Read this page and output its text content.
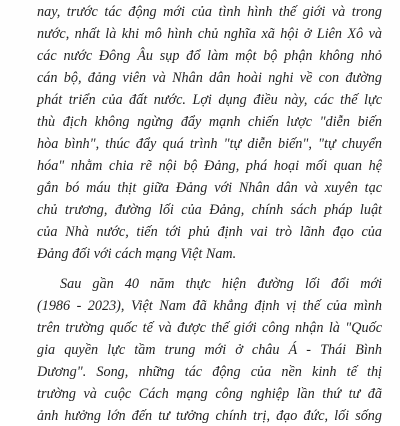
nay, trước tác động mới của tình hình thế giới và trong
nước, nhất là khi mô hình chủ nghĩa xã hội ở Liên Xô và
các nước Đông Âu sụp đổ làm một bộ phận không nhỏ
cán bộ, đảng viên và Nhân dân hoài nghi về con đường
phát triển của đất nước. Lợi dụng điều này, các thế lực
thù địch không ngừng đẩy mạnh chiến lược "diễn biến
hòa bình", thúc đẩy quá trình "tự diễn biến", "tự chuyển
hóa" nhằm chia rẽ nội bộ Đảng, phá hoại mối quan hệ
gắn bó máu thịt giữa Đảng với Nhân dân và xuyên tạc
chủ trương, đường lối của Đảng, chính sách pháp luật
của Nhà nước, tiến tới phủ định vai trò lãnh đạo của
Đảng đối với cách mạng Việt Nam.
Sau gần 40 năm thực hiện đường lối đổi mới
(1986 - 2023), Việt Nam đã khẳng định vị thế của mình
trên trường quốc tế và được thế giới công nhận là "Quốc
gia quyền lực tầm trung mới ở châu Á - Thái Bình
Dương". Song, những tác động của nền kinh tế thị
trường và cuộc Cách mạng công nghiệp lần thứ tư đã
ảnh hưởng lớn đến tư tưởng chính trị, đạo đức, lối sống
